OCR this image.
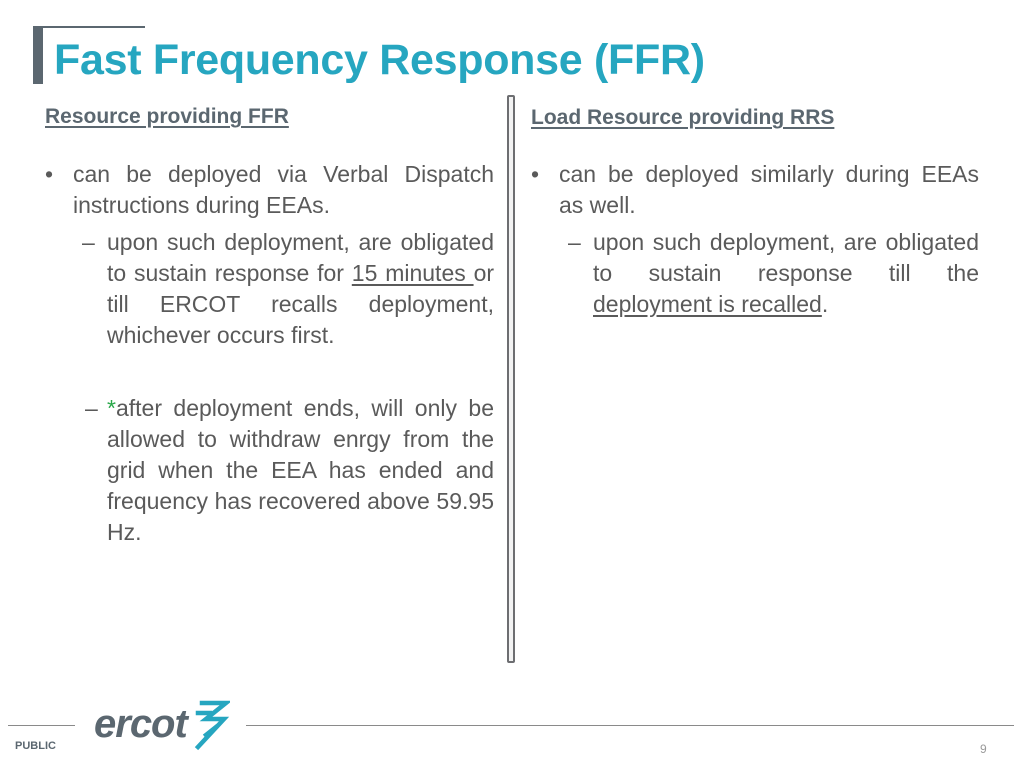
Fast Frequency Response (FFR)
Resource providing FFR	Load Resource providing RRS

• can be deployed via Verbal Dispatch instructions during EEAs.

– upon such deployment, are obligated to sustain response for 15 minutes or till ERCOT recalls deployment, whichever occurs first.

– *after deployment ends, will only be allowed to withdraw enrgy from the grid when the EEA has ended and frequency has recovered above 59.95 Hz.

• can be deployed similarly during EEAs as well.

– upon such deployment, are obligated to sustain response till the deployment is recalled.

ercot
PUBLIC	9
